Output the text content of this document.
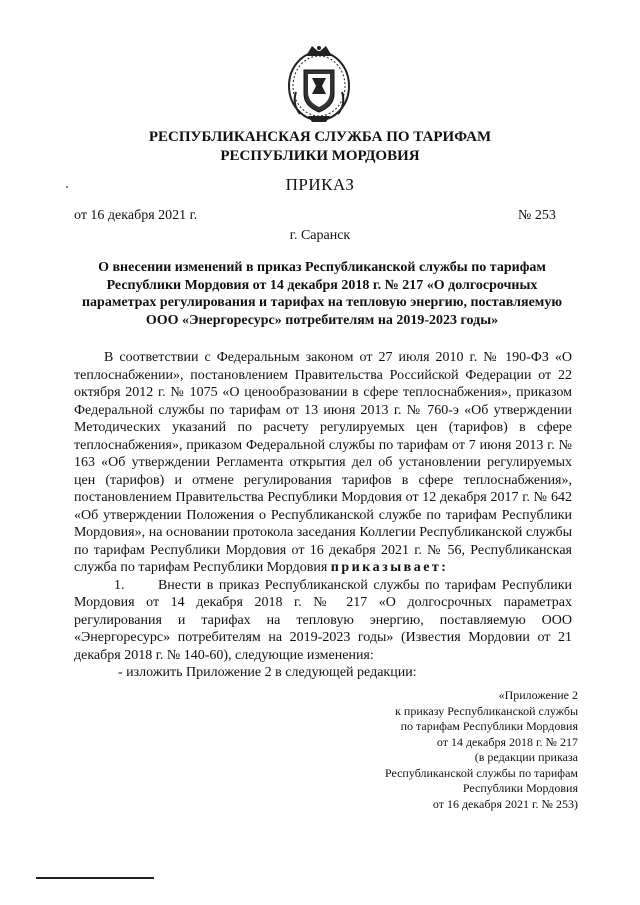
РЕСПУБЛИКАНСКАЯ СЛУЖБА ПО ТАРИФАМ
РЕСПУБЛИКИ МОРДОВИЯ
ПРИКАЗ
от 16 декабря 2021 г.	№ 253
г. Саранск
О внесении изменений в приказ Республиканской службы по тарифам Республики Мордовия от 14 декабря 2018 г. № 217 «О долгосрочных параметрах регулирования и тарифах на тепловую энергию, поставляемую ООО «Энергоресурс» потребителям на 2019-2023 годы»

В соответствии с Федеральным законом от 27 июля 2010 г. № 190-ФЗ «О теплоснабжении», постановлением Правительства Российской Федерации от 22 октября 2012 г. № 1075 «О ценообразовании в сфере теплоснабжения», приказом Федеральной службы по тарифам от 13 июня 2013 г. № 760-э «Об утверждении Методических указаний по расчету регулируемых цен (тарифов) в сфере теплоснабжения», приказом Федеральной службы по тарифам от 7 июня 2013 г. № 163 «Об утверждении Регламента открытия дел об установлении регулируемых цен (тарифов) и отмене регулирования тарифов в сфере теплоснабжения», постановлением Правительства Республики Мордовия от 12 декабря 2017 г. № 642 «Об утверждении Положения о Республиканской службе по тарифам Республики Мордовия», на основании протокола заседания Коллегии Республиканской службы по тарифам Республики Мордовия от 16 декабря 2021 г. № 56, Республиканская служба по тарифам Республики Мордовия приказывает:

1. Внести в приказ Республиканской службы по тарифам Республики Мордовия от 14 декабря 2018 г. № 217 «О долгосрочных параметрах регулирования и тарифах на тепловую энергию, поставляемую ООО «Энергоресурс» потребителям на 2019-2023 годы» (Известия Мордовии от 21 декабря 2018 г. № 140-60), следующие изменения:

- изложить Приложение 2 в следующей редакции:

«Приложение 2
к приказу Республиканской службы
по тарифам Республики Мордовия
от 14 декабря 2018 г. № 217
(в редакции приказа
Республиканской службы по тарифам
Республики Мордовия
от 16 декабря 2021 г. № 253)
